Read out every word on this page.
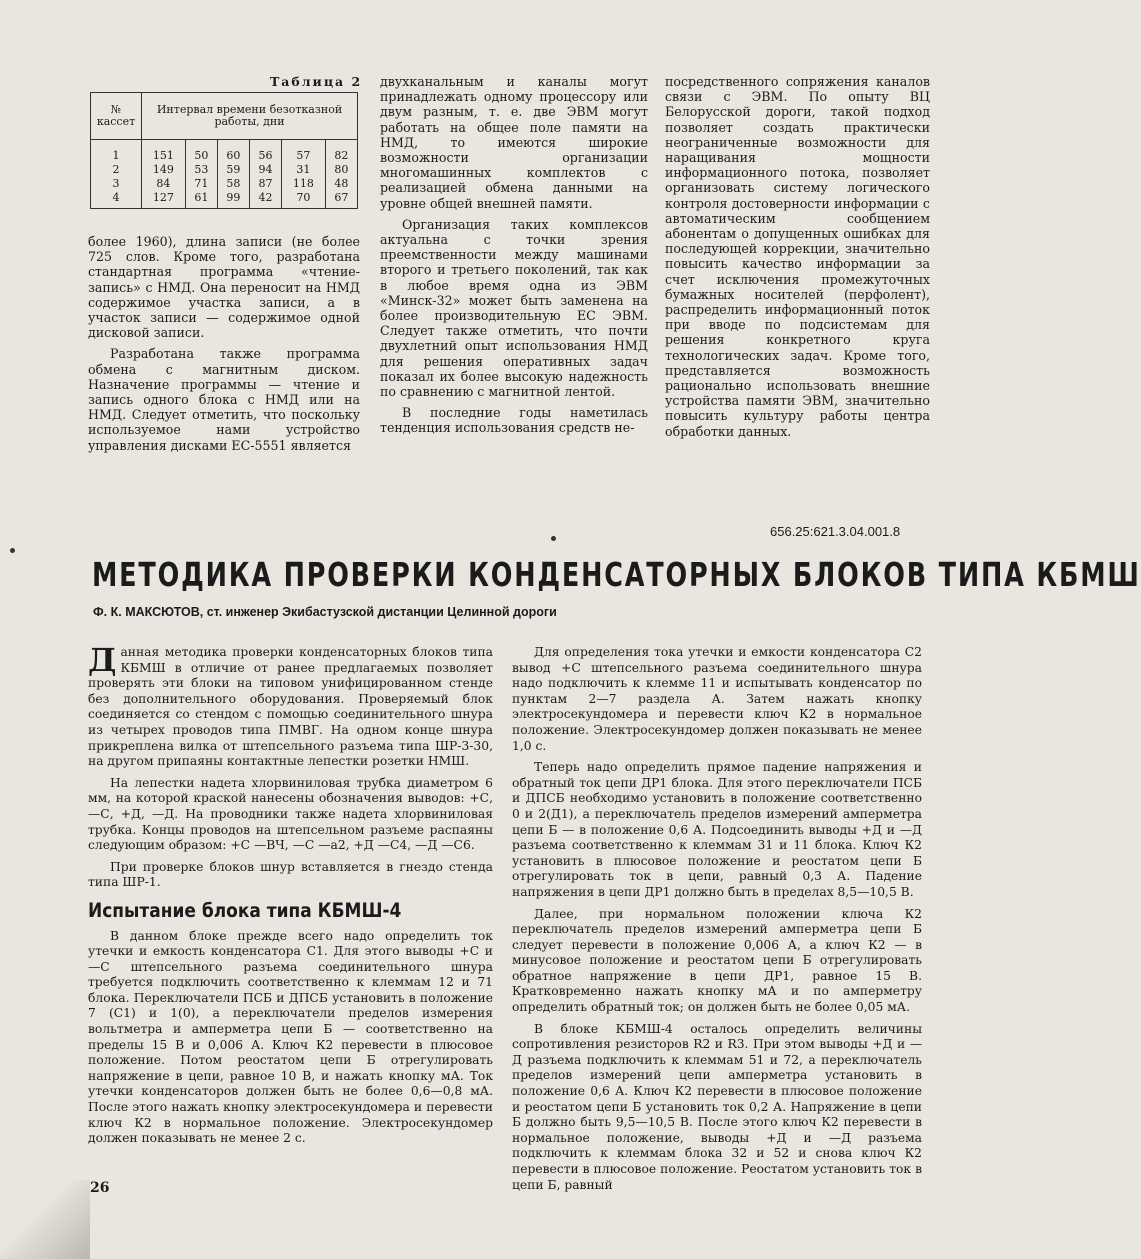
Таблица 2
№ кассет	Интервал времени безотказной работы, дни					
1	151	50	60	56	57	82
2	149	53	59	94	31	80
3	84	71	58	87	118	48
4	127	61	99	42	70	67

более 1960), длина записи (не более 725 слов. Кроме того, разработана стандартная программа «чтение-запись» с НМД. Она переносит на НМД содержимое участка записи, а в участок записи — содержимое одной дисковой записи.

Разработана также программа обмена с магнитным диском. Назначение программы — чтение и запись одного блока с НМД или на НМД. Следует отметить, что поскольку используемое нами устройство управления дисками ЕС-5551 является

двухканальным и каналы могут принадлежать одному процессору или двум разным, т. е. две ЭВМ могут работать на общее поле памяти на НМД, то имеются широкие возможности организации многомашинных комплектов с реализацией обмена данными на уровне общей внешней памяти.

Организация таких комплексов актуальна с точки зрения преемственности между машинами второго и третьего поколений, так как в любое время одна из ЭВМ «Минск-32» может быть заменена на более производительную ЕС ЭВМ. Следует также отметить, что почти двухлетний опыт использования НМД для решения оперативных задач показал их более высокую надежность по сравнению с магнитной лентой.

В последние годы наметилась тенденция использования средств не-

посредственного сопряжения каналов связи с ЭВМ. По опыту ВЦ Белорусской дороги, такой подход позволяет создать практически неограниченные возможности для наращивания мощности информационного потока, позволяет организовать систему логического контроля достоверности информации с автоматическим сообщением абонентам о допущенных ошибках для последующей коррекции, значительно повысить качество информации за счет исключения промежуточных бумажных носителей (перфолент), распределить информационный поток при вводе по подсистемам для решения конкретного круга технологических задач. Кроме того, представляется возможность рационально использовать внешние устройства памяти ЭВМ, значительно повысить культуру работы центра обработки данных.

656.25:621.3.04.001.8
МЕТОДИКА ПРОВЕРКИ КОНДЕНСАТОРНЫХ БЛОКОВ ТИПА КБМШ
Ф. К. МАКСЮТОВ, ст. инженер Экибастузской дистанции Целинной дороги

Данная методика проверки конденсаторных блоков типа КБМШ в отличие от ранее предлагаемых позволяет проверять эти блоки на типовом унифицированном стенде без дополнительного оборудования. Проверяемый блок соединяется со стендом с помощью соединительного шнура из четырех проводов типа ПМВГ. На одном конце шнура прикреплена вилка от штепсельного разъема типа ШР-3-30, на другом припаяны контактные лепестки розетки НМШ.

На лепестки надета хлорвиниловая трубка диаметром 6 мм, на которой краской нанесены обозначения выводов: +С, —С, +Д, —Д. На проводники также надета хлорвиниловая трубка. Концы проводов на штепсельном разъеме распаяны следующим образом: +С —ВЧ, —С —а2, +Д —С4, —Д —С6.

При проверке блоков шнур вставляется в гнездо стенда типа ШР-1.

Испытание блока типа КБМШ-4

В данном блоке прежде всего надо определить ток утечки и емкость конденсатора С1. Для этого выводы +С и —С штепсельного разъема соединительного шнура требуется подключить соответственно к клеммам 12 и 71 блока. Переключатели ПСБ и ДПСБ установить в положение 7 (С1) и 1(0), а переключатели пределов измерения вольтметра и амперметра цепи Б — соответственно на пределы 15 В и 0,006 А. Ключ К2 перевести в плюсовое положение. Потом реостатом цепи Б отрегулировать напряжение в цепи, равное 10 В, и нажать кнопку мА. Ток утечки конденсаторов должен быть не более 0,6—0,8 мА. После этого нажать кнопку электросекундомера и перевести ключ К2 в нормальное положение. Электросекундомер должен показывать не менее 2 с.

Для определения тока утечки и емкости конденсатора С2 вывод +С штепсельного разъема соединительного шнура надо подключить к клемме 11 и испытывать конденсатор по пунктам 2—7 раздела А. Затем нажать кнопку электросекундомера и перевести ключ К2 в нормальное положение. Электросекундомер должен показывать не менее 1,0 с.

Теперь надо определить прямое падение напряжения и обратный ток цепи ДР1 блока. Для этого переключатели ПСБ и ДПСБ необходимо установить в положение соответственно 0 и 2(Д1), а переключатель пределов измерений амперметра цепи Б — в положение 0,6 А. Подсоединить выводы +Д и —Д разъема соответственно к клеммам 31 и 11 блока. Ключ К2 установить в плюсовое положение и реостатом цепи Б отрегулировать ток в цепи, равный 0,3 А. Падение напряжения в цепи ДР1 должно быть в пределах 8,5—10,5 В.

Далее, при нормальном положении ключа К2 переключатель пределов измерений амперметра цепи Б следует перевести в положение 0,006 А, а ключ К2 — в минусовое положение и реостатом цепи Б отрегулировать обратное напряжение в цепи ДР1, равное 15 В. Кратковременно нажать кнопку мА и по амперметру определить обратный ток; он должен быть не более 0,05 мА.

В блоке КБМШ-4 осталось определить величины сопротивления резисторов R2 и R3. При этом выводы +Д и —Д разъема подключить к клеммам 51 и 72, а переключатель пределов измерений цепи амперметра установить в положение 0,6 А. Ключ К2 перевести в плюсовое положение и реостатом цепи Б установить ток 0,2 А. Напряжение в цепи Б должно быть 9,5—10,5 В. После этого ключ К2 перевести в нормальное положение, выводы +Д и —Д разъема подключить к клеммам блока 32 и 52 и снова ключ К2 перевести в плюсовое положение. Реостатом установить ток в цепи Б, равный

26
